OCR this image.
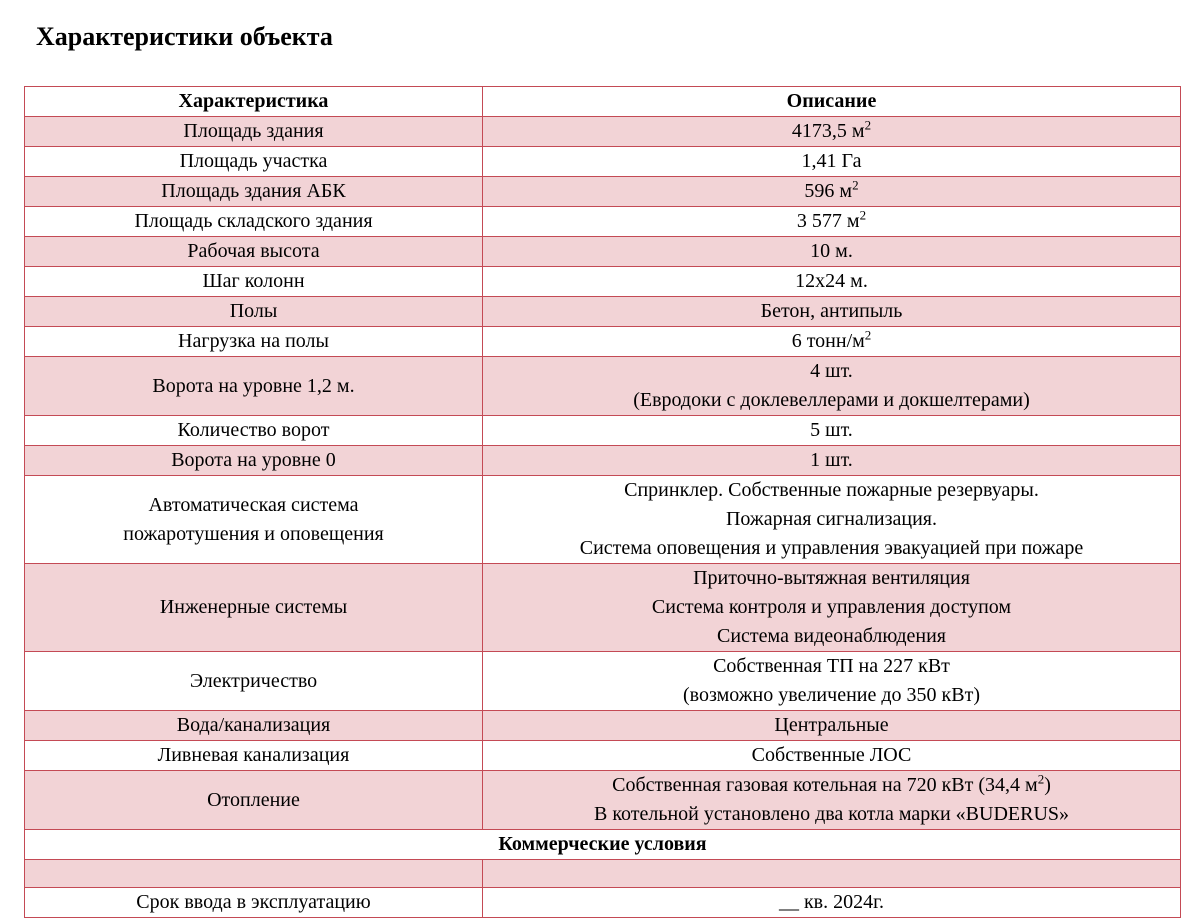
Характеристики объекта
Характеристика	Описание
Площадь здания	4173,5 $м^2$
Площадь участка	1,41 Га
Площадь здания АБК	596 $м^2$
Площадь складского здания	3 577 $м^2$
Рабочая высота	10 м.
Шаг колонн	12х24 м.
Полы	Бетон, антипыль
Нагрузка на полы	6 тонн/$м^2$
Ворота на уровне 1,2 м.	4 шт.
(Евродоки с доклевеллерами и докшелтерами)

Количество ворот	5 шт.
Ворота на уровне 0	1 шт.

Автоматическая система
пожаротушения и оповещения	Спринклер. Собственные пожарные резервуары.
Пожарная сигнализация.
Система оповещения и управления эвакуацией при пожаре

Инженерные системы	Приточно-вытяжная вентиляция
Система контроля и управления доступом
Система видеонаблюдения

Электричество	Собственная ТП на 227 кВт
(возможно увеличение до 350 кВт)

Вода/канализация	Центральные
Ливневая канализация	Собственные ЛОС
Отопление	Собственная газовая котельная на 720 кВт (34,4 $м^2$)
В котельной установлено два котла марки «BUDERUS»

Коммерческие условия	

Срок ввода в эксплуатацию	__ кв. 2024г.
